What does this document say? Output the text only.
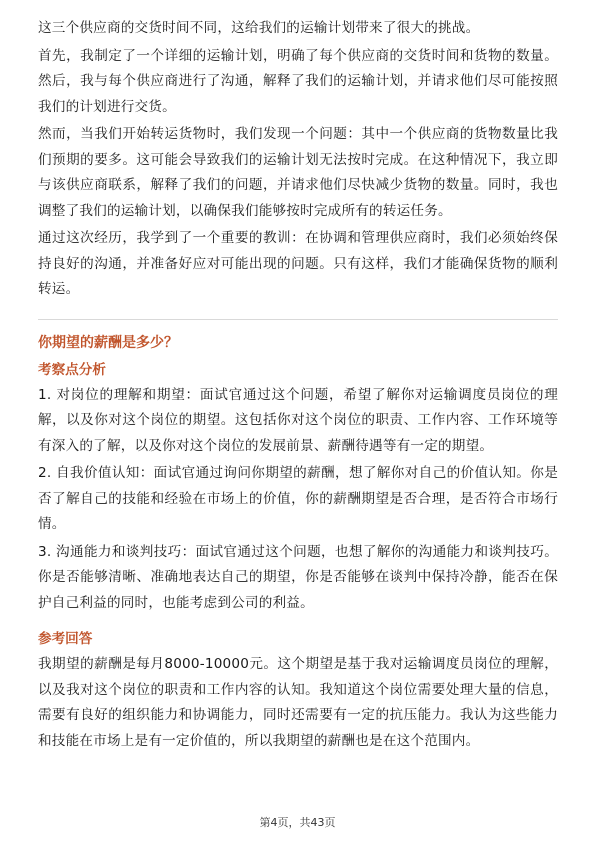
这三个供应商的交货时间不同，这给我们的运输计划带来了很大的挑战。

首先，我制定了一个详细的运输计划，明确了每个供应商的交货时间和货物的数量。然后，我与每个供应商进行了沟通，解释了我们的运输计划，并请求他们尽可能按照我们的计划进行交货。

然而，当我们开始转运货物时，我们发现一个问题：其中一个供应商的货物数量比我们预期的要多。这可能会导致我们的运输计划无法按时完成。在这种情况下，我立即与该供应商联系，解释了我们的问题，并请求他们尽快减少货物的数量。同时，我也调整了我们的运输计划，以确保我们能够按时完成所有的转运任务。

通过这次经历，我学到了一个重要的教训：在协调和管理供应商时，我们必须始终保持良好的沟通，并准备好应对可能出现的问题。只有这样，我们才能确保货物的顺利转运。

你期望的薪酬是多少？
考察点分析

1. 对岗位的理解和期望：面试官通过这个问题，希望了解你对运输调度员岗位的理解，以及你对这个岗位的期望。这包括你对这个岗位的职责、工作内容、工作环境等有深入的了解，以及你对这个岗位的发展前景、薪酬待遇等有一定的期望。

2. 自我价值认知：面试官通过询问你期望的薪酬，想了解你对自己的价值认知。你是否了解自己的技能和经验在市场上的价值，你的薪酬期望是否合理，是否符合市场行情。

3. 沟通能力和谈判技巧：面试官通过这个问题，也想了解你的沟通能力和谈判技巧。你是否能够清晰、准确地表达自己的期望，你是否能够在谈判中保持冷静，能否在保护自己利益的同时，也能考虑到公司的利益。

参考回答

我期望的薪酬是每月8000-10000元。这个期望是基于我对运输调度员岗位的理解，以及我对这个岗位的职责和工作内容的认知。我知道这个岗位需要处理大量的信息，需要有良好的组织能力和协调能力，同时还需要有一定的抗压能力。我认为这些能力和技能在市场上是有一定价值的，所以我期望的薪酬也是在这个范围内。

第4页，共43页
